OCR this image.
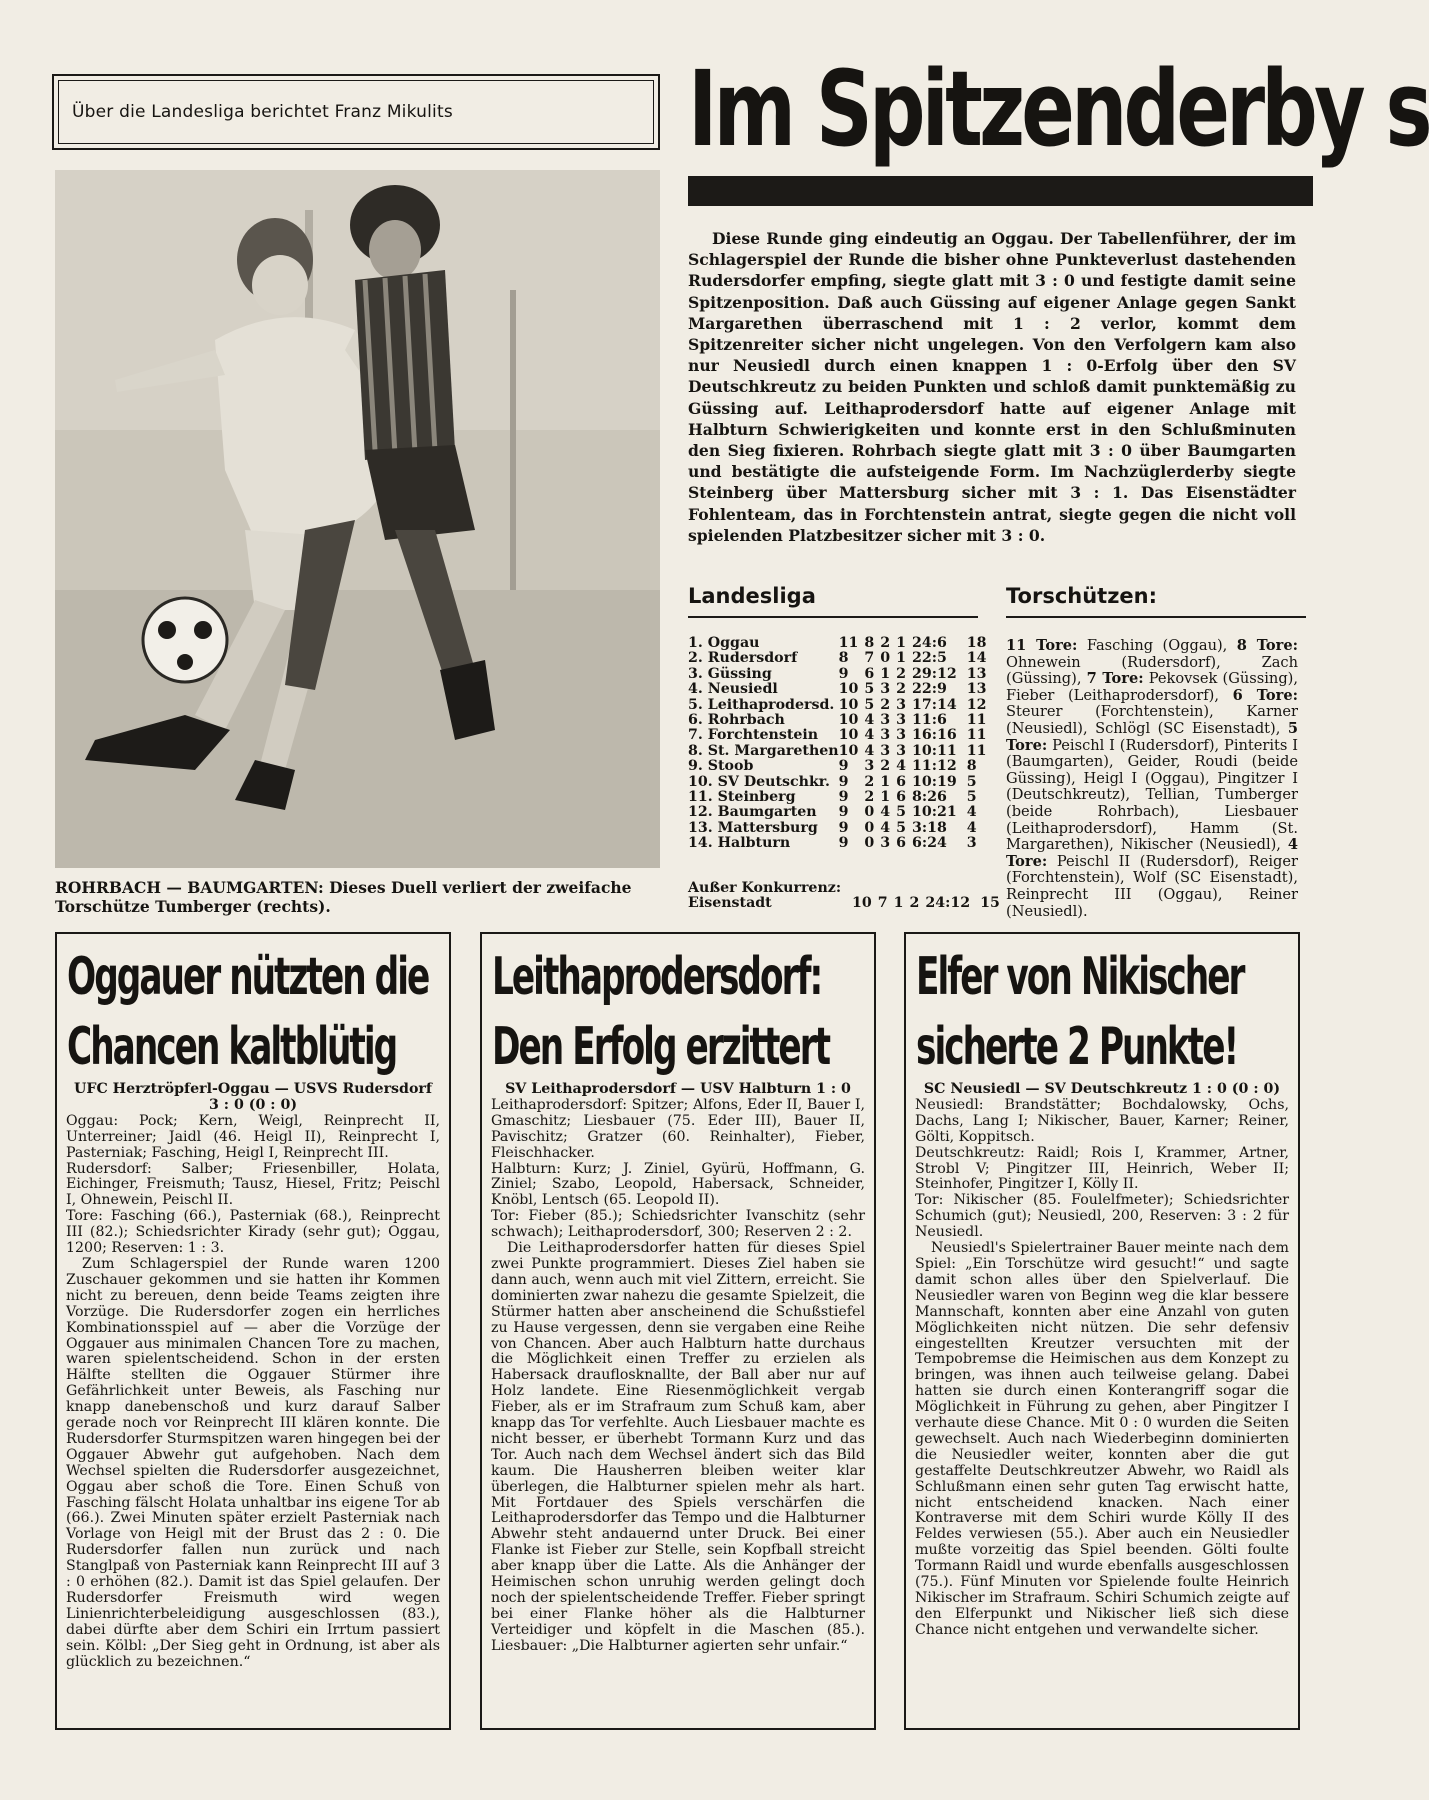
Über die Landesliga berichtet Franz Mikulits Im Spitzenderby s
ROHRBACH — BAUMGARTEN: Dieses Duell verliert der zweifache Torschütze Tumberger (rechts).

Diese Runde ging eindeutig an Oggau. Der Tabellenführer, der im Schlagerspiel der Runde die bisher ohne Punkteverlust dastehenden Rudersdorfer empfing, siegte glatt mit 3 : 0 und festigte damit seine Spitzenposition. Daß auch Güssing auf eigener Anlage gegen Sankt Margarethen überraschend mit 1 : 2 verlor, kommt dem Spitzenreiter sicher nicht ungelegen. Von den Verfolgern kam also nur Neusiedl durch einen knappen 1 : 0-Erfolg über den SV Deutschkreutz zu beiden Punkten und schloß damit punktemäßig zu Güssing auf. Leithaprodersdorf hatte auf eigener Anlage mit Halbturn Schwierigkeiten und konnte erst in den Schlußminuten den Sieg fixieren. Rohrbach siegte glatt mit 3 : 0 über Baumgarten und bestätigte die aufsteigende Form. Im Nachzüglerderby siegte Steinberg über Mattersburg sicher mit 3 : 1. Das Eisenstädter Fohlenteam, das in Forchtenstein antrat, siegte gegen die nicht voll spielenden Platzbesitzer sicher mit 3 : 0.

Landesliga
1. Oggau	11	8	2	1	24:6	18
2. Rudersdorf	8	7	0	1	22:5	14
3. Güssing	9	6	1	2	29:12	13
4. Neusiedl	10	5	3	2	22:9	13
5. Leithaprodersd.	10	5	2	3	17:14	12
6. Rohrbach	10	4	3	3	11:6	11
7. Forchtenstein	10	4	3	3	16:16	11
8. St. Margarethen	10	4	3	3	10:11	11
9. Stoob	9	3	2	4	11:12	8
10. SV Deutschkr.	9	2	1	6	10:19	5
11. Steinberg	9	2	1	6	8:26	5
12. Baumgarten	9	0	4	5	10:21	4
13. Mattersburg	9	0	4	5	3:18	4
14. Halbturn	9	0	3	6	6:24	3
Außer Konkurrenz:
Eisenstadt	10	7	1	2	24:12	15
Torschützen:
11 Tore: Fasching (Oggau), 8 Tore: Ohnewein (Rudersdorf), Zach (Güssing), 7 Tore: Pekovsek (Güssing), Fieber (Leithaprodersdorf), 6 Tore: Steurer (Forchtenstein), Karner (Neusiedl), Schlögl (SC Eisenstadt), 5 Tore: Peischl I (Rudersdorf), Pinterits I (Baumgarten), Geider, Roudi (beide Güssing), Heigl I (Oggau), Pingitzer I (Deutschkreutz), Tellian, Tumberger (beide Rohrbach), Liesbauer (Leithaprodersdorf), Hamm (St. Margarethen), Nikischer (Neusiedl), 4 Tore: Peischl II (Rudersdorf), Reiger (Forchtenstein), Wolf (SC Eisenstadt), Reinprecht III (Oggau), Reiner (Neusiedl).
Oggauer nützten die Chancen kaltblütig

UFC Herztröpferl-Oggau — USVS Rudersdorf

3 : 0 (0 : 0)

Oggau: Pock; Kern, Weigl, Reinprecht II, Unterreiner; Jaidl (46. Heigl II), Reinprecht I, Pasterniak; Fasching, Heigl I, Reinprecht III.

Rudersdorf: Salber; Friesenbiller, Holata, Eichinger, Freismuth; Tausz, Hiesel, Fritz; Peischl I, Ohnewein, Peischl II.

Tore: Fasching (66.), Pasterniak (68.), Reinprecht III (82.); Schiedsrichter Kirady (sehr gut); Oggau, 1200; Reserven: 1 : 3.

Zum Schlagerspiel der Runde waren 1200 Zuschauer gekommen und sie hatten ihr Kommen nicht zu bereuen, denn beide Teams zeigten ihre Vorzüge. Die Rudersdorfer zogen ein herrliches Kombinationsspiel auf — aber die Vorzüge der Oggauer aus minimalen Chancen Tore zu machen, waren spielentscheidend. Schon in der ersten Hälfte stellten die Oggauer Stürmer ihre Gefährlichkeit unter Beweis, als Fasching nur knapp danebenschoß und kurz darauf Salber gerade noch vor Reinprecht III klären konnte. Die Rudersdorfer Sturmspitzen waren hingegen bei der Oggauer Abwehr gut aufgehoben. Nach dem Wechsel spielten die Rudersdorfer ausgezeichnet, Oggau aber schoß die Tore. Einen Schuß von Fasching fälscht Holata unhaltbar ins eigene Tor ab (66.). Zwei Minuten später erzielt Pasterniak nach Vorlage von Heigl mit der Brust das 2 : 0. Die Rudersdorfer fallen nun zurück und nach Stanglpaß von Pasterniak kann Reinprecht III auf 3 : 0 erhöhen (82.). Damit ist das Spiel gelaufen. Der Rudersdorfer Freismuth wird wegen Linienrichterbeleidigung ausgeschlossen (83.), dabei dürfte aber dem Schiri ein Irrtum passiert sein. Kölbl: „Der Sieg geht in Ordnung, ist aber als glücklich zu bezeichnen.“

Leithaprodersdorf: Den Erfolg erzittert

SV Leithaprodersdorf — USV Halbturn 1 : 0

Leithaprodersdorf: Spitzer; Alfons, Eder II, Bauer I, Gmaschitz; Liesbauer (75. Eder III), Bauer II, Pavischitz; Gratzer (60. Reinhalter), Fieber, Fleischhacker.

Halbturn: Kurz; J. Ziniel, Gyürü, Hoffmann, G. Ziniel; Szabo, Leopold, Habersack, Schneider, Knöbl, Lentsch (65. Leopold II).

Tor: Fieber (85.); Schiedsrichter Ivanschitz (sehr schwach); Leithaprodersdorf, 300; Reserven 2 : 2.

Die Leithaprodersdorfer hatten für dieses Spiel zwei Punkte programmiert. Dieses Ziel haben sie dann auch, wenn auch mit viel Zittern, erreicht. Sie dominierten zwar nahezu die gesamte Spielzeit, die Stürmer hatten aber anscheinend die Schußstiefel zu Hause vergessen, denn sie vergaben eine Reihe von Chancen. Aber auch Halbturn hatte durchaus die Möglichkeit einen Treffer zu erzielen als Habersack drauflosknallte, der Ball aber nur auf Holz landete. Eine Riesenmöglichkeit vergab Fieber, als er im Strafraum zum Schuß kam, aber knapp das Tor verfehlte. Auch Liesbauer machte es nicht besser, er überhebt Tormann Kurz und das Tor. Auch nach dem Wechsel ändert sich das Bild kaum. Die Hausherren bleiben weiter klar überlegen, die Halbturner spielen mehr als hart. Mit Fortdauer des Spiels verschärfen die Leithaprodersdorfer das Tempo und die Halbturner Abwehr steht andauernd unter Druck. Bei einer Flanke ist Fieber zur Stelle, sein Kopfball streicht aber knapp über die Latte. Als die Anhänger der Heimischen schon unruhig werden gelingt doch noch der spielentscheidende Treffer. Fieber springt bei einer Flanke höher als die Halbturner Verteidiger und köpfelt in die Maschen (85.). Liesbauer: „Die Halbturner agierten sehr unfair.“

Elfer von Nikischer sicherte 2 Punkte!

SC Neusiedl — SV Deutschkreutz 1 : 0 (0 : 0)

Neusiedl: Brandstätter; Bochdalowsky, Ochs, Dachs, Lang I; Nikischer, Bauer, Karner; Reiner, Gölti, Koppitsch.

Deutschkreutz: Raidl; Rois I, Krammer, Artner, Strobl V; Pingitzer III, Heinrich, Weber II; Steinhofer, Pingitzer I, Kölly II.

Tor: Nikischer (85. Foulelfmeter); Schiedsrichter Schumich (gut); Neusiedl, 200, Reserven: 3 : 2 für Neusiedl.

Neusiedl's Spielertrainer Bauer meinte nach dem Spiel: „Ein Torschütze wird gesucht!“ und sagte damit schon alles über den Spielverlauf. Die Neusiedler waren von Beginn weg die klar bessere Mannschaft, konnten aber eine Anzahl von guten Möglichkeiten nicht nützen. Die sehr defensiv eingestellten Kreutzer versuchten mit der Tempobremse die Heimischen aus dem Konzept zu bringen, was ihnen auch teilweise gelang. Dabei hatten sie durch einen Konterangriff sogar die Möglichkeit in Führung zu gehen, aber Pingitzer I verhaute diese Chance. Mit 0 : 0 wurden die Seiten gewechselt. Auch nach Wiederbeginn dominierten die Neusiedler weiter, konnten aber die gut gestaffelte Deutschkreutzer Abwehr, wo Raidl als Schlußmann einen sehr guten Tag erwischt hatte, nicht entscheidend knacken. Nach einer Kontraverse mit dem Schiri wurde Kölly II des Feldes verwiesen (55.). Aber auch ein Neusiedler mußte vorzeitig das Spiel beenden. Gölti foulte Tormann Raidl und wurde ebenfalls ausgeschlossen (75.). Fünf Minuten vor Spielende foulte Heinrich Nikischer im Strafraum. Schiri Schumich zeigte auf den Elferpunkt und Nikischer ließ sich diese Chance nicht entgehen und verwandelte sicher.
